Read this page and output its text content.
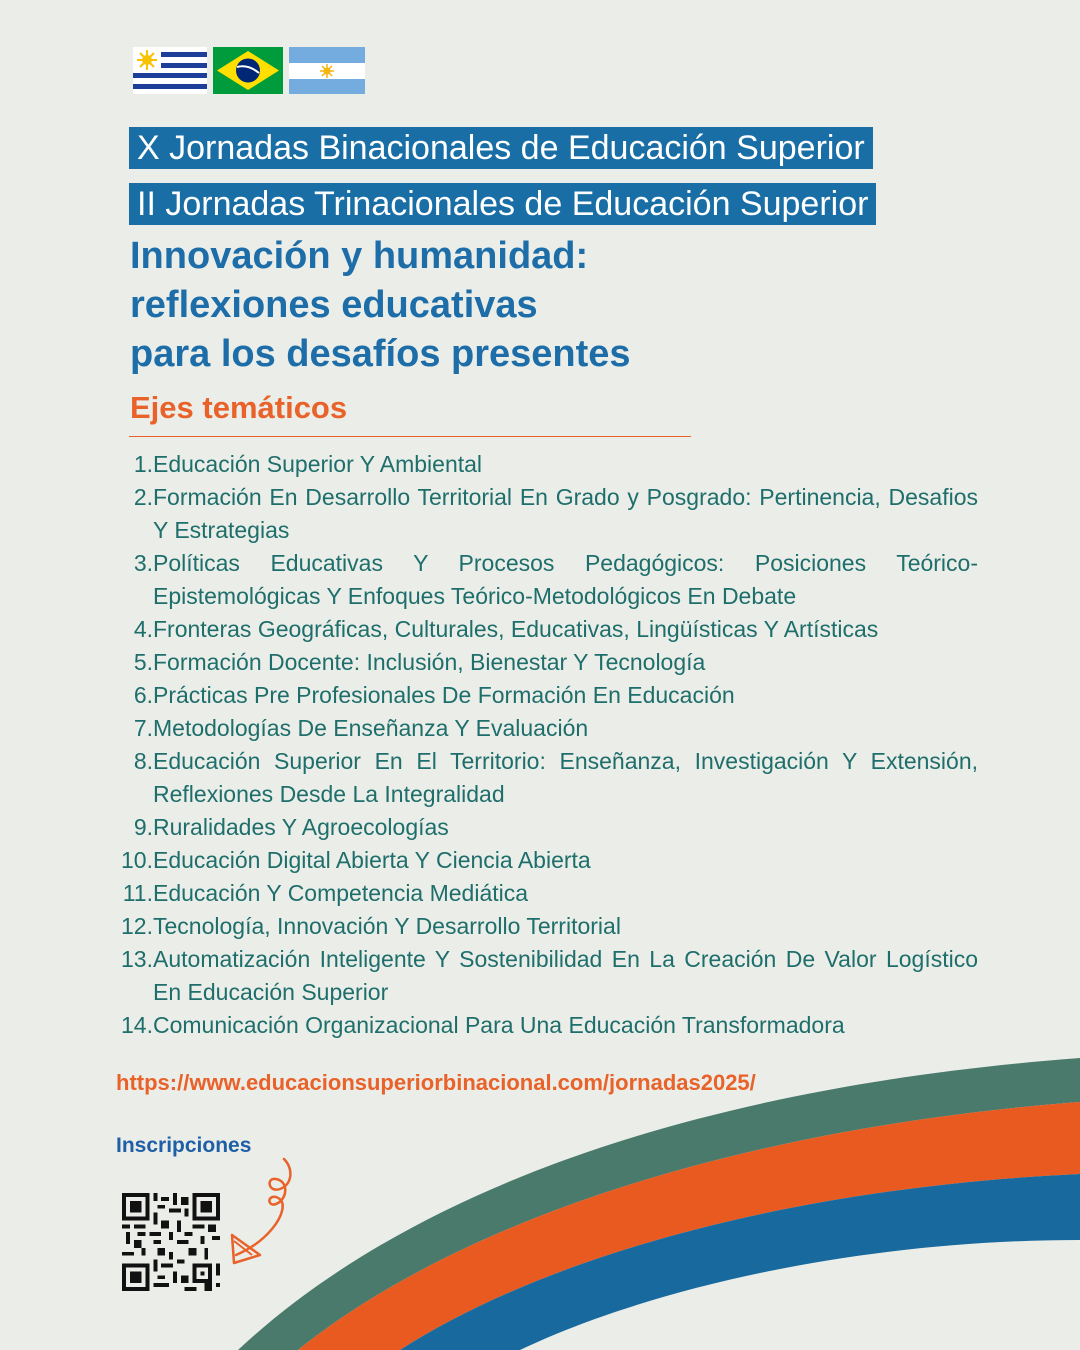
X Jornadas Binacionales de Educación Superior
II Jornadas Trinacionales de Educación Superior
Innovación y humanidad:
reflexiones educativas
para los desafíos presentes
Ejes temáticos
1. Educación Superior Y Ambiental
2. Formación En Desarrollo Territorial En Grado y Posgrado: Pertinencia, Desafios Y Estrategias
3. Políticas Educativas Y Procesos Pedagógicos: Posiciones Teórico-Epistemológicas Y Enfoques Teórico-Metodológicos En Debate
4. Fronteras Geográficas, Culturales, Educativas, Lingüísticas Y Artísticas
5. Formación Docente: Inclusión, Bienestar Y Tecnología
6. Prácticas Pre Profesionales De Formación En Educación
7. Metodologías De Enseñanza Y Evaluación
8. Educación Superior En El Territorio: Enseñanza, Investigación Y Extensión, Reflexiones Desde La Integralidad
9. Ruralidades Y Agroecologías
10. Educación Digital Abierta Y Ciencia Abierta
11. Educación Y Competencia Mediática
12. Tecnología, Innovación Y Desarrollo Territorial
13. Automatización Inteligente Y Sostenibilidad En La Creación De Valor Logístico En Educación Superior
14. Comunicación Organizacional Para Una Educación Transformadora
https://www.educacionsuperiorbinacional.com/jornadas2025/
Inscripciones
